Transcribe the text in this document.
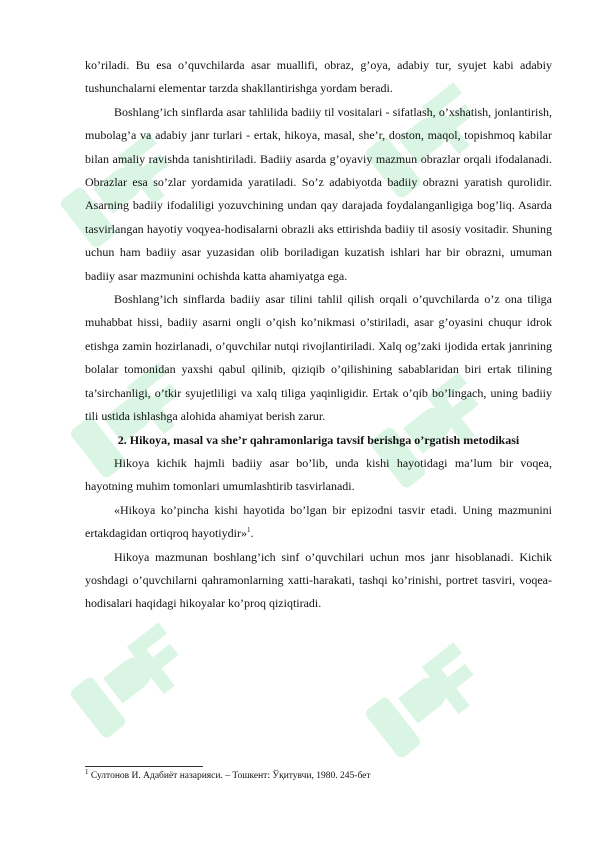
ko’riladi. Bu esa o’quvchilarda asar muallifi, obraz, g’oya, adabiy tur, syujet kabi adabiy tushunchalarni elementar tarzda shakllantirishga yordam beradi.

Boshlang’ich sinflarda asar tahlilida badiiy til vositalari - sifatlash, o’xshatish, jonlantirish, mubolag’a va adabiy janr turlari - ertak, hikoya, masal, she’r, doston, maqol, topishmoq kabilar bilan amaliy ravishda tanishtiriladi. Badiiy asarda g’oyaviy mazmun obrazlar orqali ifodalanadi. Obrazlar esa so’zlar yordamida yaratiladi. So’z adabiyotda badiiy obrazni yaratish qurolidir. Asarning badiiy ifodaliligi yozuvchining undan qay darajada foydalanganligiga bog’liq. Asarda tasvirlangan hayotiy voqyea-hodisalarni obrazli aks ettirishda badiiy til asosiy vositadir. Shuning uchun ham badiiy asar yuzasidan olib boriladigan kuzatish ishlari har bir obrazni, umuman badiiy asar mazmunini ochishda katta ahamiyatga ega.

Boshlang’ich sinflarda badiiy asar tilini tahlil qilish orqali o’quvchilarda o’z ona tiliga muhabbat hissi, badiiy asarni ongli o’qish ko’nikmasi o’stiriladi, asar g’oyasini chuqur idrok etishga zamin hozirlanadi, o’quvchilar nutqi rivojlantiriladi. Xalq og’zaki ijodida ertak janrining bolalar tomonidan yaxshi qabul qilinib, qiziqib o’qilishining sabablaridan biri ertak tilining ta’sirchanligi, o’tkir syujetliligi va xalq tiliga yaqinligidir. Ertak o’qib bo’lingach, uning badiiy tili ustida ishlashga alohida ahamiyat berish zarur.

2. Hikoya, masal va she’r qahramonlariga tavsif berishga o’rgatish metodikasi

Hikoya kichik hajmli badiiy asar bo’lib, unda kishi hayotidagi ma’lum bir voqea, hayotning muhim tomonlari umumlashtirib tasvirlanadi.

«Hikoya ko’pincha kishi hayotida bo’lgan bir epizodni tasvir etadi. Uning mazmunini ertakdagidan ortiqroq hayotiydir»$^1$.

Hikoya mazmunan boshlang’ich sinf o’quvchilari uchun mos janr hisoblanadi. Kichik yoshdagi o’quvchilarni qahramonlarning xatti-harakati, tashqi ko’rinishi, portret tasviri, voqea-hodisalari haqidagi hikoyalar ko’proq qiziqtiradi.

$^1$ Султонов И. Адабиёт назарияси. – Тошкент: Ўқитувчи, 1980. 245-бет
